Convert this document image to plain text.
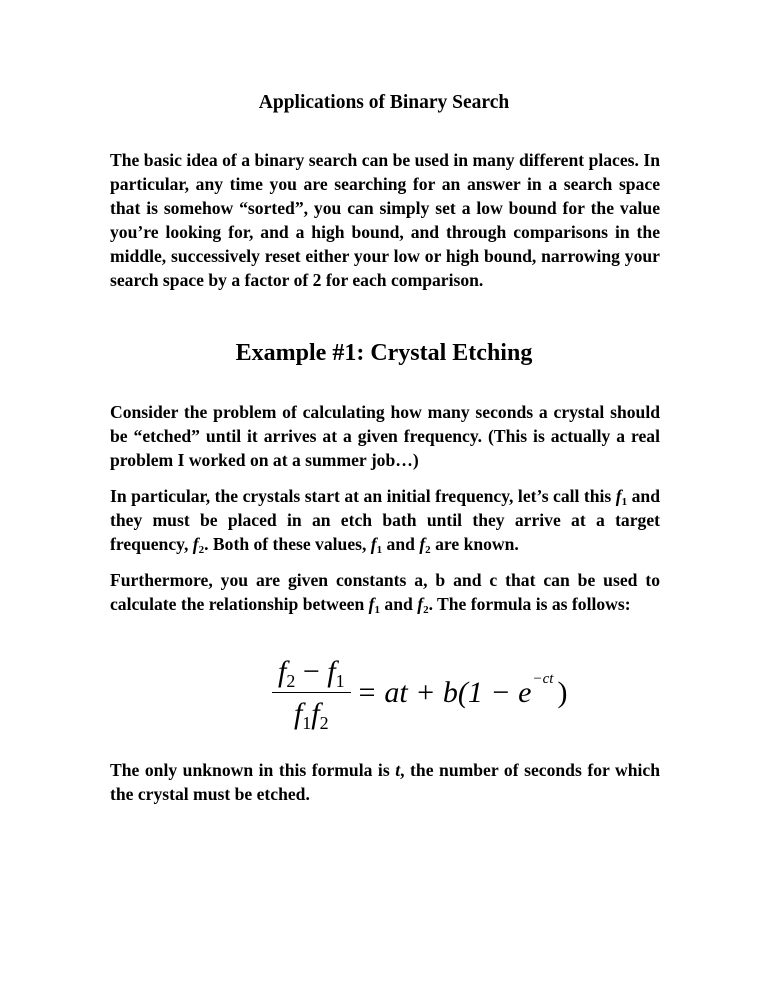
Applications of Binary Search

The basic idea of a binary search can be used in many different places. In particular, any time you are searching for an answer in a search space that is somehow “sorted”, you can simply set a low bound for the value you’re looking for, and a high bound, and through comparisons in the middle, successively reset either your low or high bound, narrowing your search space by a factor of 2 for each comparison.

Example #1: Crystal Etching

Consider the problem of calculating how many seconds a crystal should be “etched” until it arrives at a given frequency. (This is actually a real problem I worked on at a summer job…)

In particular, the crystals start at an initial frequency, let’s call this $f_1$ and they must be placed in an etch bath until they arrive at a target frequency, $f_2$. Both of these values, $f_1$ and $f_2$ are known.

Furthermore, you are given constants a, b and c that can be used to calculate the relationship between $f_1$ and $f_2$. The formula is as follows:

$\frac{f_2 - f_1}{f_1f_2}$ = at + b(1 − e −ct )

The only unknown in this formula is t, the number of seconds for which the crystal must be etched.
